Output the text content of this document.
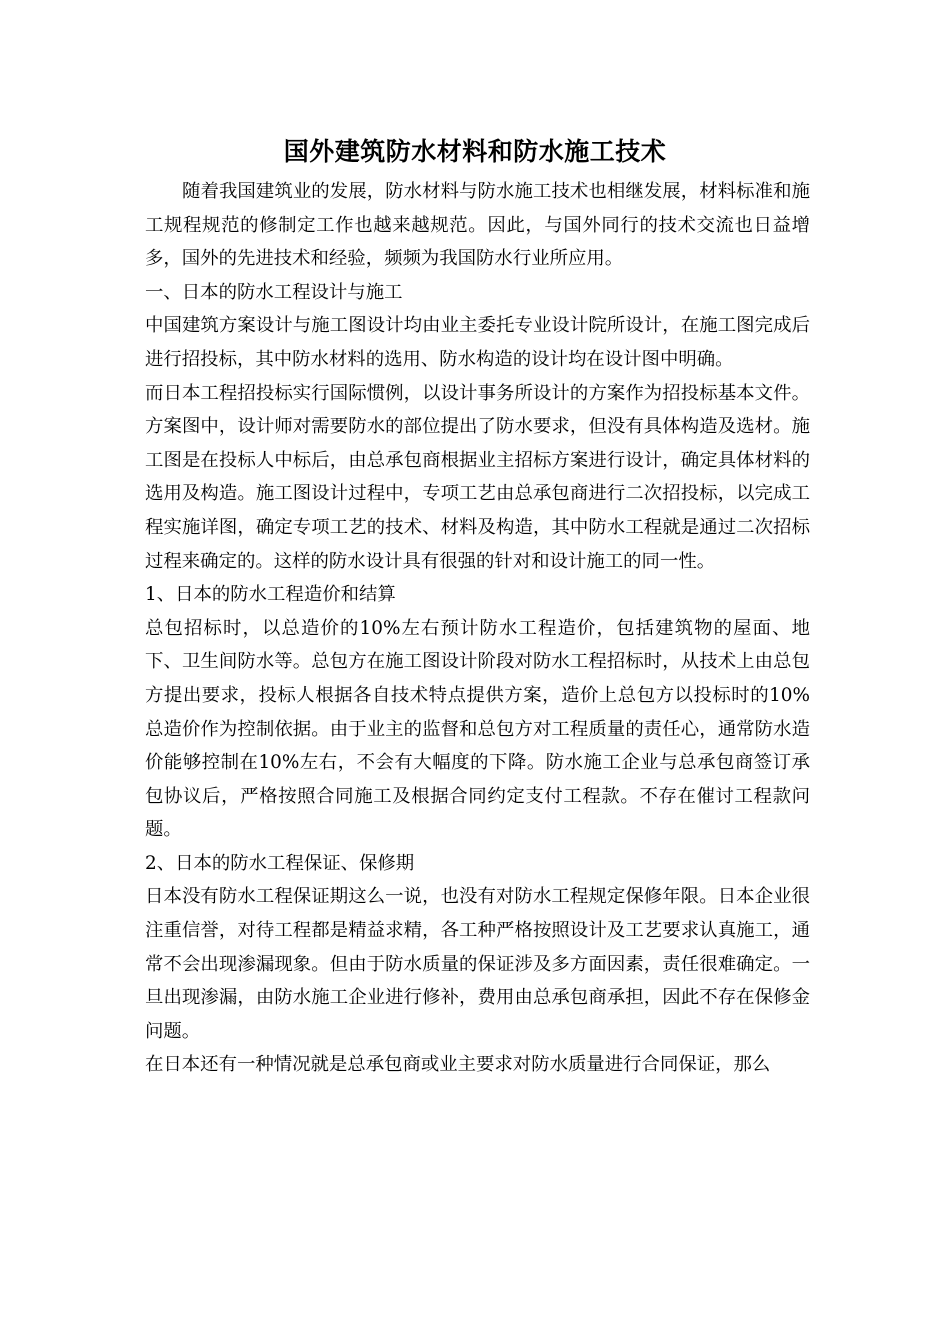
国外建筑防水材料和防水施工技术

随着我国建筑业的发展，防水材料与防水施工技术也相继发展，材料标准和施工规程规范的修制定工作也越来越规范。因此，与国外同行的技术交流也日益增多，国外的先进技术和经验，频频为我国防水行业所应用。

一、日本的防水工程设计与施工

中国建筑方案设计与施工图设计均由业主委托专业设计院所设计，在施工图完成后进行招投标，其中防水材料的选用、防水构造的设计均在设计图中明确。

而日本工程招投标实行国际惯例，以设计事务所设计的方案作为招投标基本文件。方案图中，设计师对需要防水的部位提出了防水要求，但没有具体构造及选材。施工图是在投标人中标后，由总承包商根据业主招标方案进行设计，确定具体材料的选用及构造。施工图设计过程中，专项工艺由总承包商进行二次招投标，以完成工程实施详图，确定专项工艺的技术、材料及构造，其中防水工程就是通过二次招标过程来确定的。这样的防水设计具有很强的针对和设计施工的同一性。

1、日本的防水工程造价和结算

总包招标时，以总造价的10%左右预计防水工程造价，包括建筑物的屋面、地下、卫生间防水等。总包方在施工图设计阶段对防水工程招标时，从技术上由总包方提出要求，投标人根据各自技术特点提供方案，造价上总包方以投标时的10%总造价作为控制依据。由于业主的监督和总包方对工程质量的责任心，通常防水造价能够控制在10%左右，不会有大幅度的下降。防水施工企业与总承包商签订承包协议后，严格按照合同施工及根据合同约定支付工程款。不存在催讨工程款问题。

2、日本的防水工程保证、保修期

日本没有防水工程保证期这么一说，也没有对防水工程规定保修年限。日本企业很注重信誉，对待工程都是精益求精，各工种严格按照设计及工艺要求认真施工，通常不会出现渗漏现象。但由于防水质量的保证涉及多方面因素，责任很难确定。一旦出现渗漏，由防水施工企业进行修补，费用由总承包商承担，因此不存在保修金问题。

在日本还有一种情况就是总承包商或业主要求对防水质量进行合同保证，那么
